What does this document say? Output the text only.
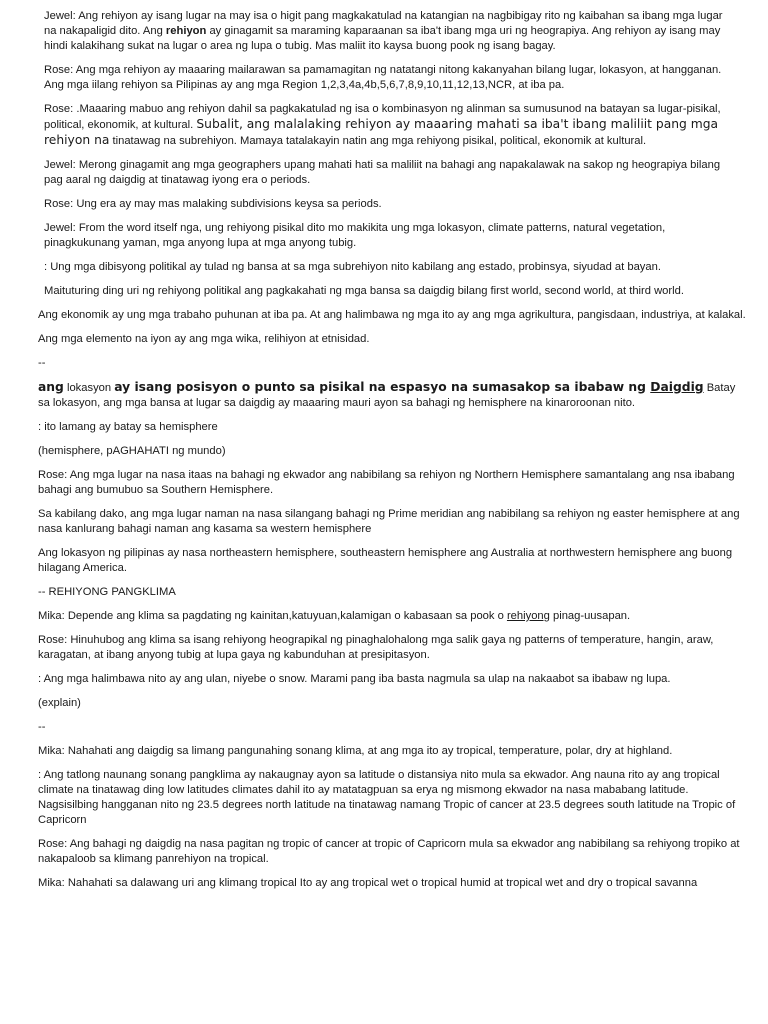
Jewel: Ang rehiyon ay isang lugar na may isa o higit pang magkakatulad na katangian na nagbibigay rito ng kaibahan sa ibang mga lugar na nakapaligid dito. Ang rehiyon ay ginagamit sa maraming kaparaanan sa iba't ibang mga uri ng heograpiya. Ang rehiyon ay isang may hindi kalakihang sukat na lugar o area ng lupa o tubig. Mas maliit ito kaysa buong pook ng isang bagay.

Rose: Ang mga rehiyon ay maaaring mailarawan sa pamamagitan ng natatangi nitong kakanyahan bilang lugar, lokasyon, at hangganan. Ang mga iilang rehiyon sa Pilipinas ay ang mga Region 1,2,3,4a,4b,5,6,7,8,9,10,11,12,13,NCR, at iba pa.

Rose: .Maaaring mabuo ang rehiyon dahil sa pagkakatulad ng isa o kombinasyon ng alinman sa sumusunod na batayan sa lugar-pisikal, political, ekonomik, at kultural. Subalit, ang malalaking rehiyon ay maaaring mahati sa iba't ibang maliliit pang mga rehiyon na tinatawag na subrehiyon. Mamaya tatalakayin natin ang mga rehiyong pisikal, political, ekonomik at kultural.

Jewel: Merong ginagamit ang mga geographers upang mahati hati sa maliliit na bahagi ang napakalawak na sakop ng heograpiya bilang pag aaral ng daigdig at tinatawag iyong era o periods.

Rose: Ung era ay may mas malaking subdivisions keysa sa periods.

Jewel: From the word itself nga, ung rehiyong pisikal dito mo makikita ung mga lokasyon, climate patterns, natural vegetation, pinagkukunang yaman, mga anyong lupa at mga anyong tubig.

: Ung mga dibisyong politikal ay tulad ng bansa at sa mga subrehiyon nito kabilang ang estado, probinsya, siyudad at bayan.

Maituturing ding uri ng rehiyong politikal ang pagkakahati ng mga bansa sa daigdig bilang first world, second world, at third world.

Ang ekonomik ay ung mga trabaho puhunan at iba pa. At ang halimbawa ng mga ito ay ang mga agrikultura, pangisdaan, industriya, at kalakal.

Ang mga elemento na iyon ay ang mga wika, relihiyon at etnisidad.

--

ang lokasyon ay isang posisyon o punto sa pisikal na espasyo na sumasakop sa ibabaw ng Daigdig Batay sa lokasyon, ang mga bansa at lugar sa daigdig ay maaaring mauri ayon sa bahagi ng hemisphere na kinaroroonan nito.

: ito lamang ay batay sa hemisphere

(hemisphere, pAGHAHATI ng mundo)

Rose: Ang mga lugar na nasa itaas na bahagi ng ekwador ang nabibilang sa rehiyon ng Northern Hemisphere samantalang ang nsa ibabang bahagi ang bumubuo sa Southern Hemisphere.

Sa kabilang dako, ang mga lugar naman na nasa silangang bahagi ng Prime meridian ang nabibilang sa rehiyon ng easter hemisphere at ang nasa kanlurang bahagi naman ang kasama sa western hemisphere

Ang lokasyon ng pilipinas ay nasa northeastern hemisphere, southeastern hemisphere ang Australia at northwestern hemisphere ang buong hilagang America.

-- REHIYONG PANGKLIMA

Mika: Depende ang klima sa pagdating ng kainitan,katuyuan,kalamigan o kabasaan sa pook o rehiyong pinag-uusapan.

Rose: Hinuhubog ang klima sa isang rehiyong heograpikal ng pinaghalohalong mga salik gaya ng patterns of temperature, hangin, araw, karagatan, at ibang anyong tubig at lupa gaya ng kabunduhan at presipitasyon.

: Ang mga halimbawa nito ay ang ulan, niyebe o snow. Marami pang iba basta nagmula sa ulap na nakaabot sa ibabaw ng lupa.

(explain)

--

Mika: Nahahati ang daigdig sa limang pangunahing sonang klima, at ang mga ito ay tropical, temperature, polar, dry at highland.

: Ang tatlong naunang sonang pangklima ay nakaugnay ayon sa latitude o distansiya nito mula sa ekwador. Ang nauna rito ay ang tropical climate na tinatawag ding low latitudes climates dahil ito ay matatagpuan sa erya ng mismong ekwador na nasa mababang latitude. Nagsisilbing hangganan nito ng 23.5 degrees north latitude na tinatawag namang Tropic of cancer at 23.5 degrees south latitude na Tropic of Capricorn

Rose: Ang bahagi ng daigdig na nasa pagitan ng tropic of cancer at tropic of Capricorn mula sa ekwador ang nabibilang sa rehiyong tropiko at nakapaloob sa klimang panrehiyon na tropical.

Mika: Nahahati sa dalawang uri ang klimang tropical Ito ay ang tropical wet o tropical humid at tropical wet and dry o tropical savanna
